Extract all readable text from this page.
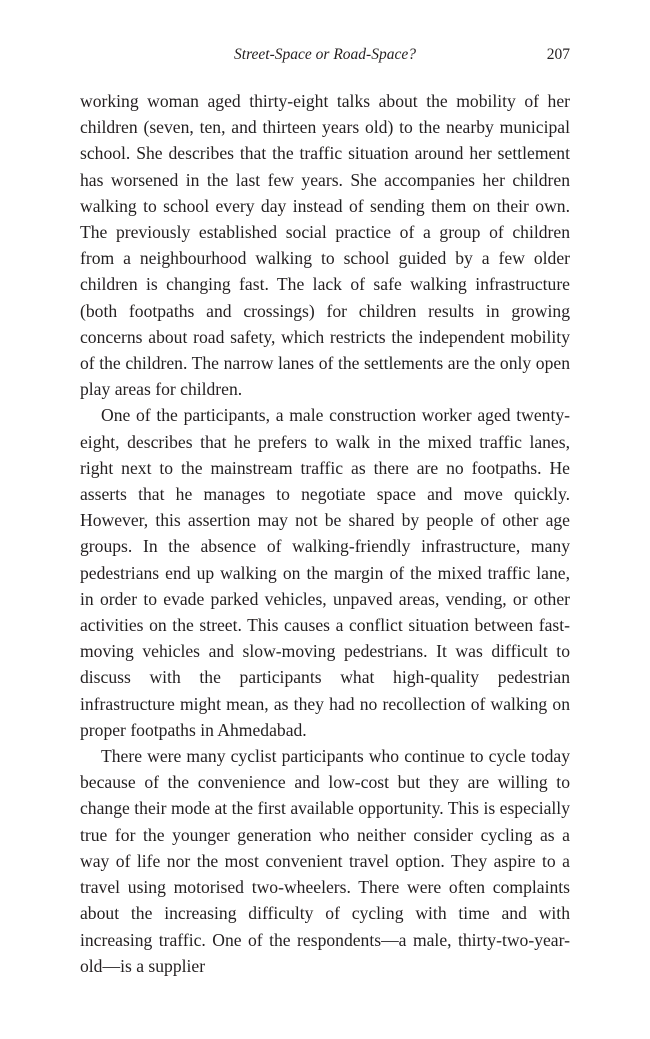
Street-Space or Road-Space?	207

working woman aged thirty-eight talks about the mobility of her children (seven, ten, and thirteen years old) to the nearby municipal school. She describes that the traffic situation around her settlement has worsened in the last few years. She accompanies her children walking to school every day instead of sending them on their own. The previously established social practice of a group of children from a neighbourhood walking to school guided by a few older children is changing fast. The lack of safe walking infrastructure (both footpaths and crossings) for children results in growing concerns about road safety, which restricts the independent mobility of the children. The narrow lanes of the settlements are the only open play areas for children.

One of the participants, a male construction worker aged twenty-eight, describes that he prefers to walk in the mixed traffic lanes, right next to the mainstream traffic as there are no footpaths. He asserts that he manages to negotiate space and move quickly. However, this assertion may not be shared by people of other age groups. In the absence of walking-friendly infrastructure, many pedestrians end up walking on the margin of the mixed traffic lane, in order to evade parked vehicles, unpaved areas, vending, or other activities on the street. This causes a conflict situation between fast-moving vehicles and slow-moving pedestrians. It was difficult to discuss with the participants what high-quality pedestrian infrastructure might mean, as they had no recollection of walking on proper footpaths in Ahmedabad.

There were many cyclist participants who continue to cycle today because of the convenience and low-cost but they are willing to change their mode at the first available opportunity. This is especially true for the younger generation who neither consider cycling as a way of life nor the most convenient travel option. They aspire to a travel using motorised two-wheelers. There were often complaints about the increasing difficulty of cycling with time and with increasing traffic. One of the respondents—a male, thirty-two-year-old—is a supplier
